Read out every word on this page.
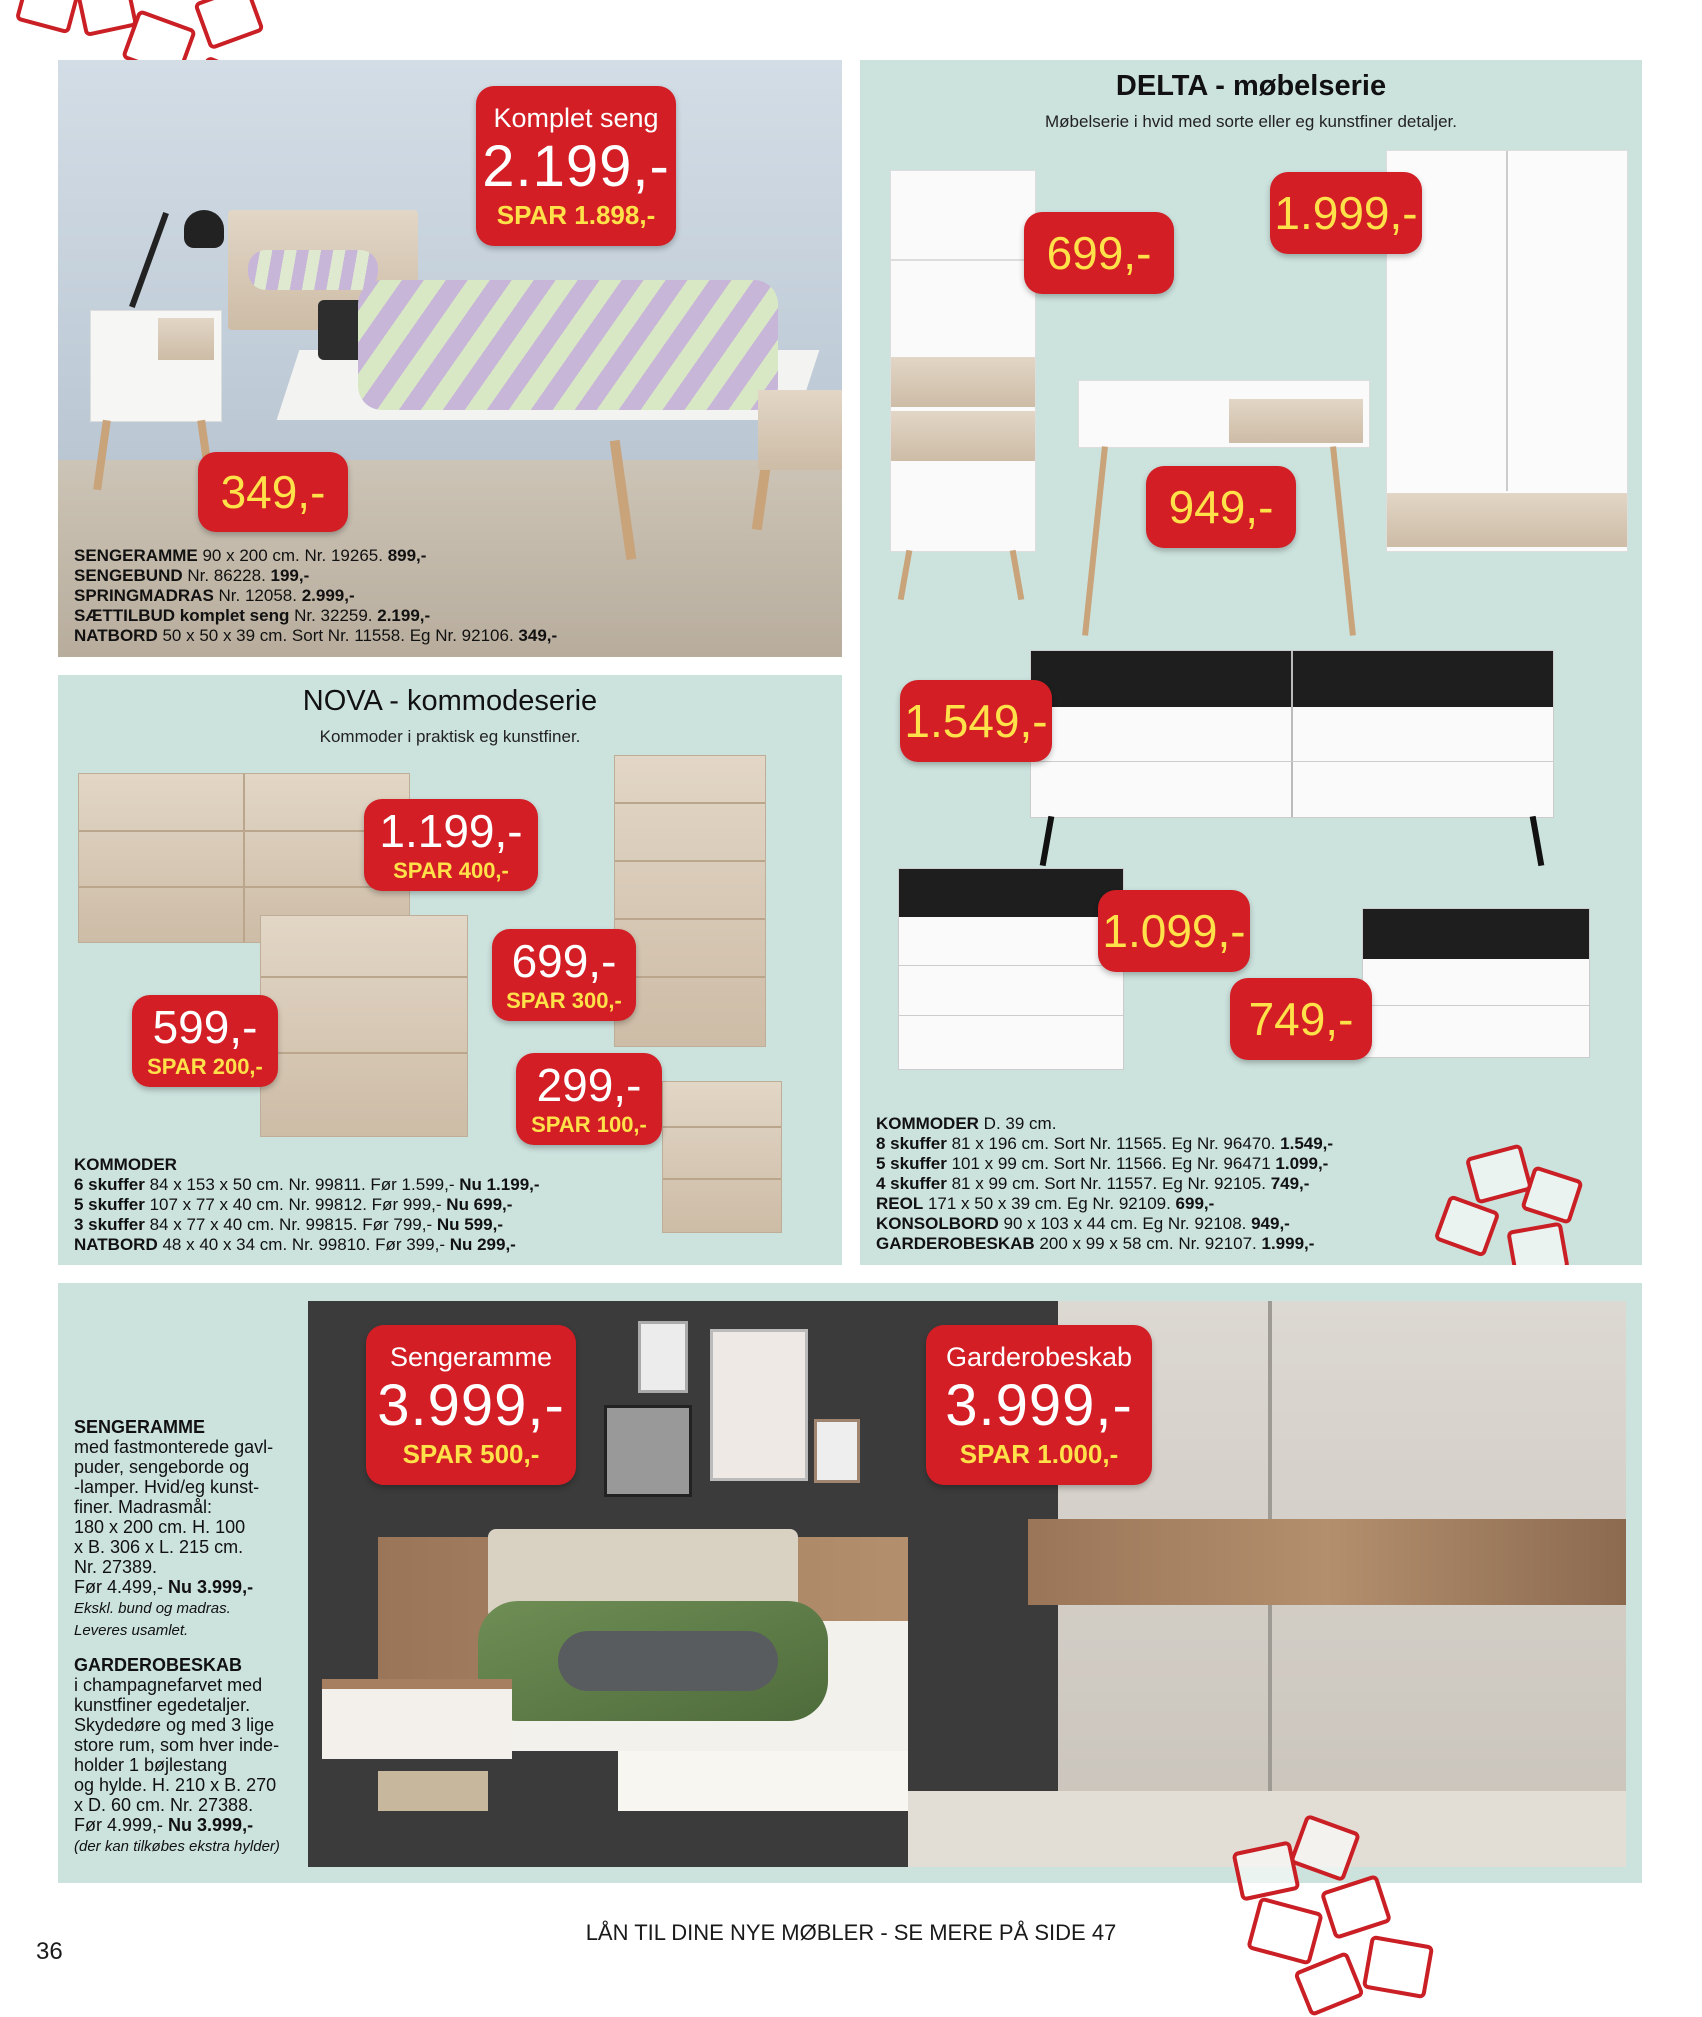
Komplet seng
2.199,-
SPAR 1.898,-
349,-
SENGERAMME 90 x 200 cm. Nr. 19265. 899,-
SENGEBUND Nr. 86228. 199,-
SPRINGMADRAS Nr. 12058. 2.999,-
SÆTTILBUD komplet seng Nr. 32259. 2.199,-
NATBORD 50 x 50 x 39 cm. Sort Nr. 11558. Eg Nr. 92106. 349,-
NOVA - kommodeserie
Kommoder i praktisk eg kunstfiner.
1.199,-
SPAR 400,-
699,-
SPAR 300,-
599,-
SPAR 200,-	299,-
SPAR 100,-
KOMMODER
6 skuffer 84 x 153 x 50 cm. Nr. 99811. Før 1.599,- Nu 1.199,-
5 skuffer 107 x 77 x 40 cm. Nr. 99812. Før 999,- Nu 699,-
3 skuffer 84 x 77 x 40 cm. Nr. 99815. Før 799,- Nu 599,-
NATBORD 48 x 40 x 34 cm. Nr. 99810. Før 399,- Nu 299,-
DELTA - møbelserie
Møbelserie i hvid med sorte eller eg kunstfiner detaljer.
699,-
1.999,-
949,-
1.549,-
1.099,-
749,-
KOMMODER D. 39 cm.
8 skuffer 81 x 196 cm. Sort Nr. 11565. Eg Nr. 96470. 1.549,-
5 skuffer 101 x 99 cm. Sort Nr. 11566. Eg Nr. 96471 1.099,-
4 skuffer 81 x 99 cm. Sort Nr. 11557. Eg Nr. 92105. 749,-
REOL 171 x 50 x 39 cm. Eg Nr. 92109. 699,-
KONSOLBORD 90 x 103 x 44 cm. Eg Nr. 92108. 949,-
GARDEROBESKAB 200 x 99 x 58 cm. Nr. 92107. 1.999,-
Sengeramme
3.999,-
SPAR 500,-
Garderobeskab
3.999,-
SPAR 1.000,-
SENGERAMME
med fastmonterede gavl-
puder, sengeborde og
-lamper. Hvid/eg kunst-
finer. Madrasmål:
180 x 200 cm. H. 100
x B. 306 x L. 215 cm.
Nr. 27389.
Før 4.499,- Nu 3.999,-
Ekskl. bund og madras.
Leveres usamlet.
GARDEROBESKAB
i champagnefarvet med
kunstfiner egedetaljer.
Skydedøre og med 3 lige
store rum, som hver inde-
holder 1 bøjlestang
og hylde. H. 210 x B. 270
x D. 60 cm. Nr. 27388.
Før 4.999,- Nu 3.999,-
(der kan tilkøbes ekstra hylder)
36
LÅN TIL DINE NYE MØBLER - SE MERE PÅ SIDE 47
